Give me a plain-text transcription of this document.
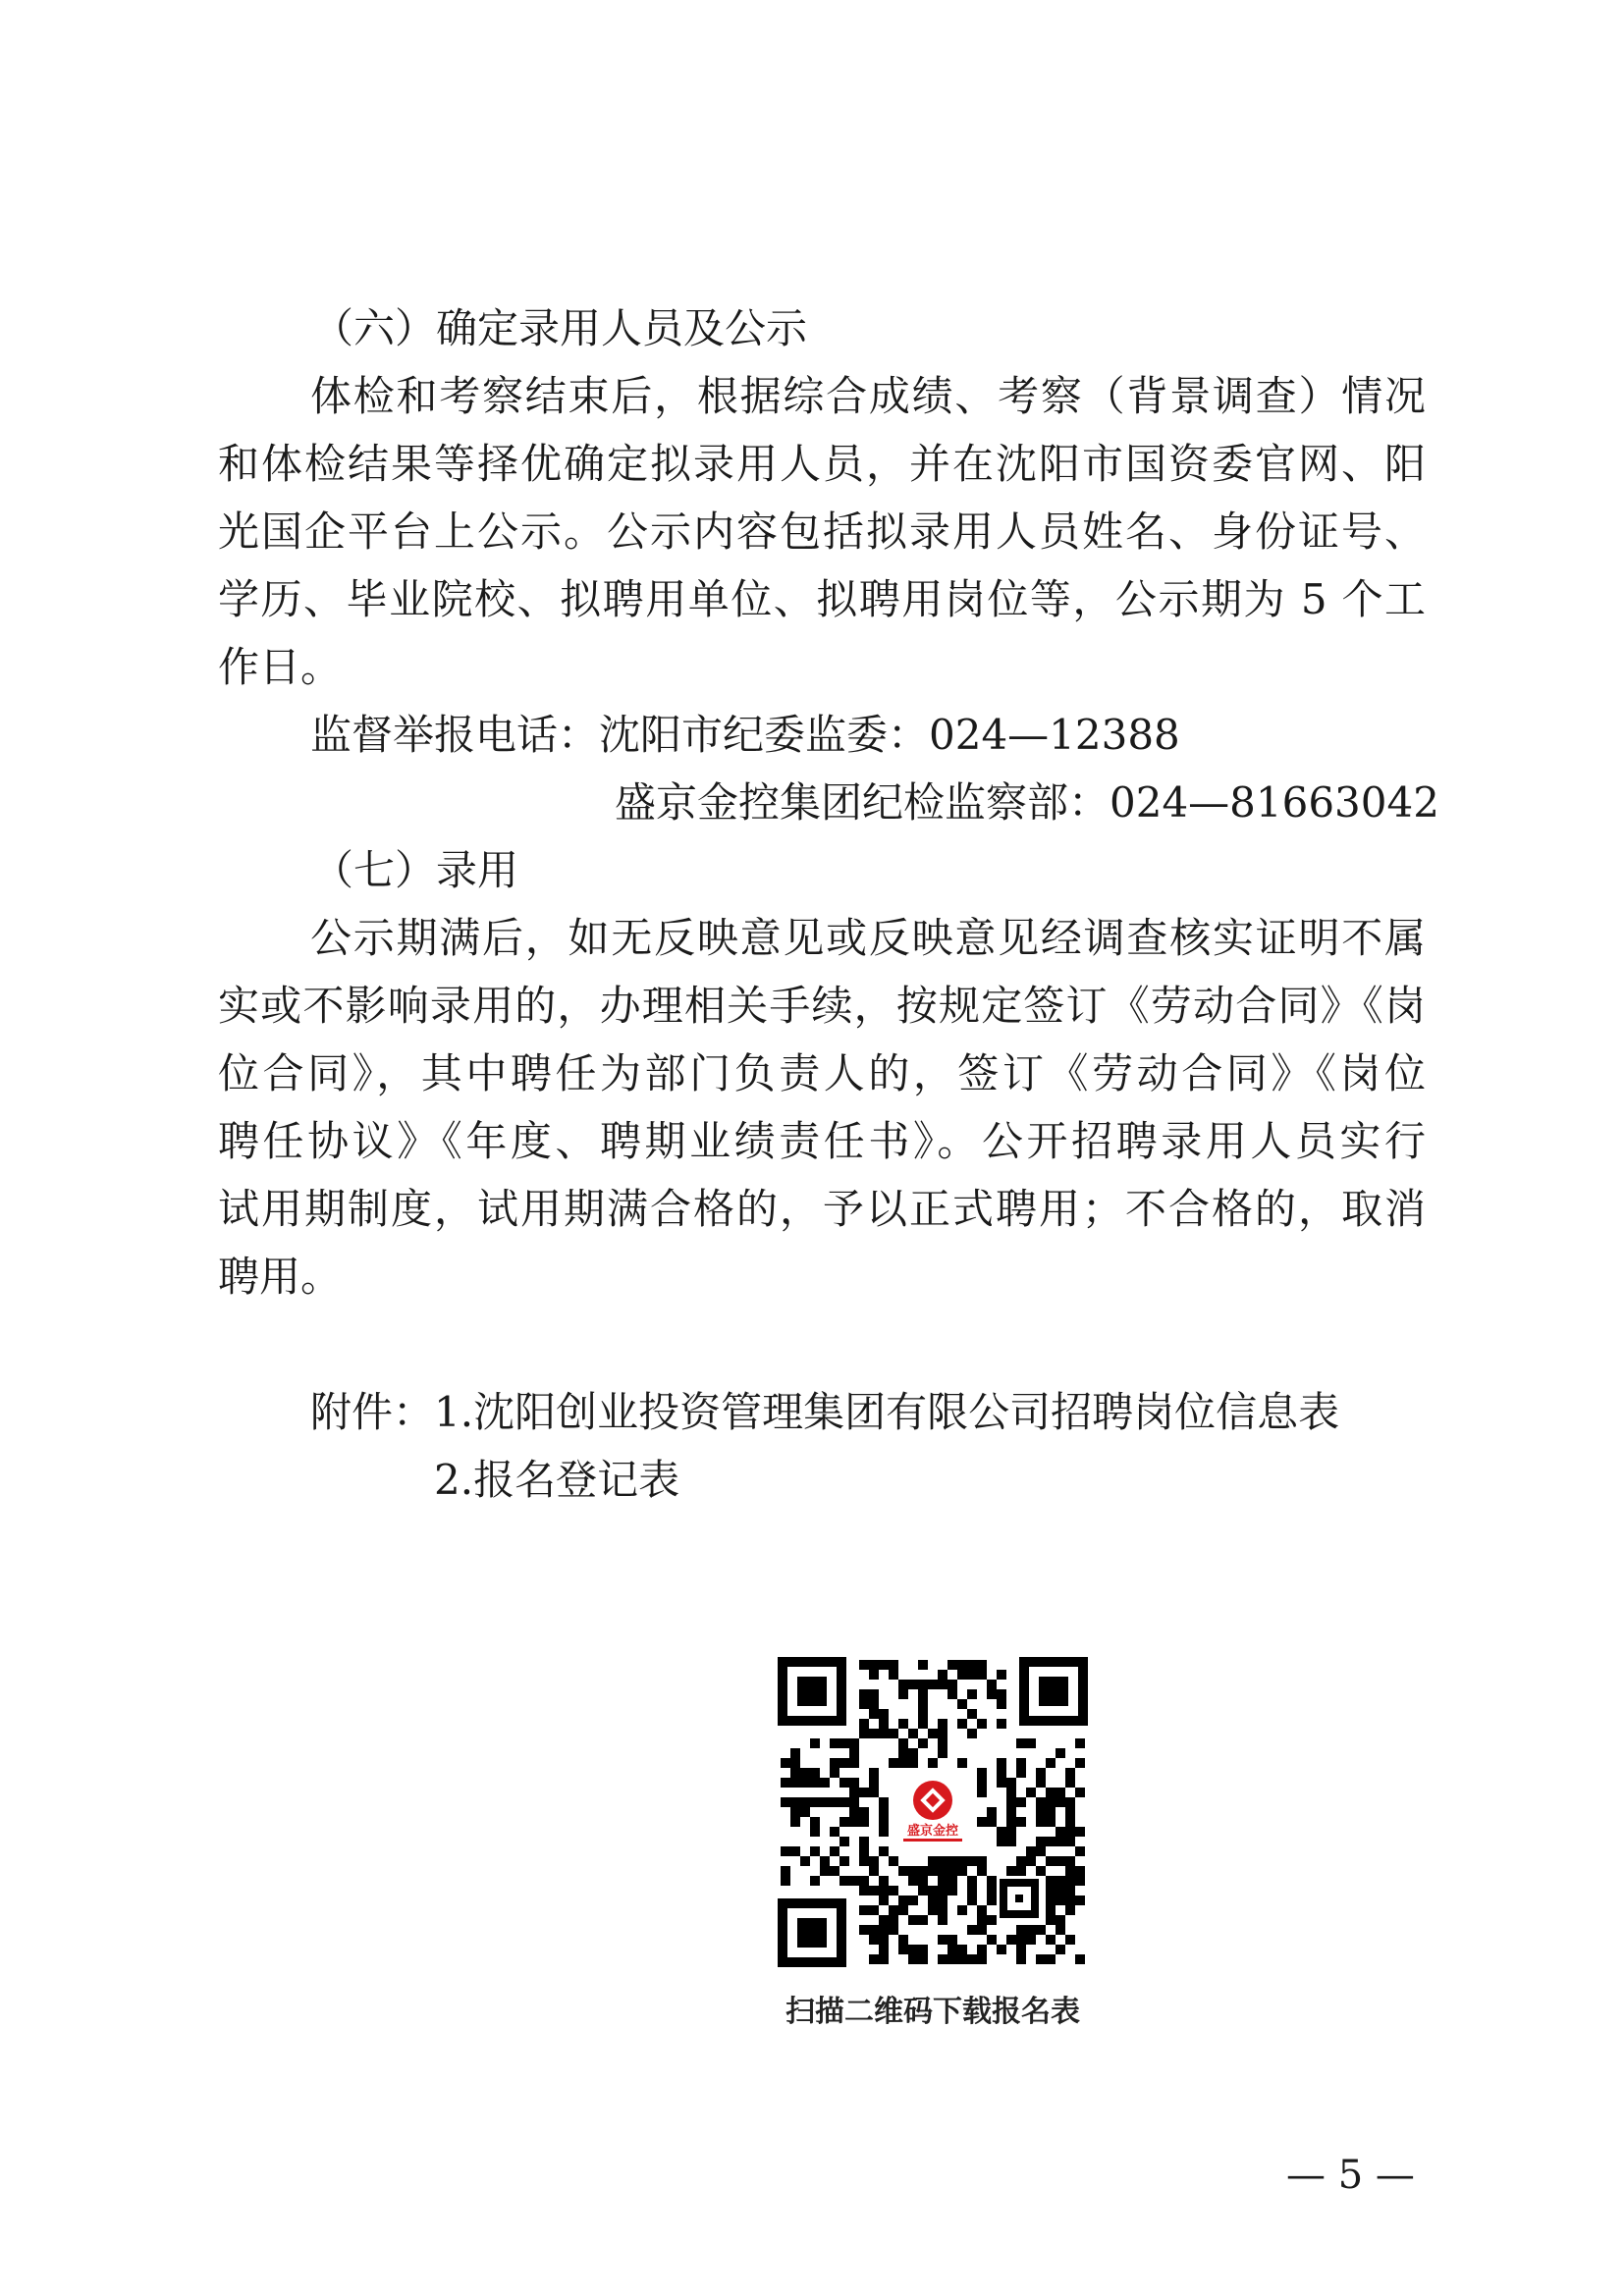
（六）确定录用人员及公示
体检和考察结束后，根据综合成绩、考察（背景调查）情况
和体检结果等择优确定拟录用人员，并在沈阳市国资委官网、阳
光国企平台上公示。公示内容包括拟录用人员姓名、身份证号、
学历、毕业院校、拟聘用单位、拟聘用岗位等，公示期为 5 个工
作日。
监督举报电话：沈阳市纪委监委：024—12388
盛京金控集团纪检监察部：024—81663042
（七）录用
公示期满后，如无反映意见或反映意见经调查核实证明不属
实或不影响录用的，办理相关手续，按规定签订《劳动合同》《岗
位合同》，其中聘任为部门负责人的，签订《劳动合同》《岗位
聘任协议》《年度、聘期业绩责任书》。公开招聘录用人员实行
试用期制度，试用期满合格的，予以正式聘用；不合格的，取消
聘用。
附件：1.沈阳创业投资管理集团有限公司招聘岗位信息表
2.报名登记表
盛京金控
扫描二维码下载报名表
— 5 —
